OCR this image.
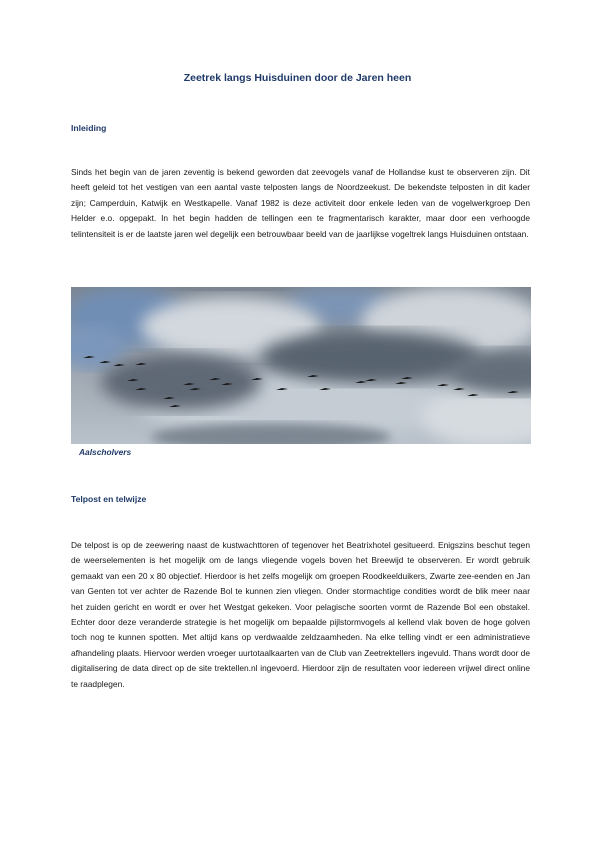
Zeetrek langs Huisduinen door de Jaren heen
Inleiding

Sinds het begin van de jaren zeventig is bekend geworden dat zeevogels vanaf de Hollandse kust te observeren zijn. Dit heeft geleid tot het vestigen van een aantal vaste telposten langs de Noordzeekust. De bekendste telposten in dit kader zijn; Camperduin, Katwijk en Westkapelle. Vanaf 1982 is deze activiteit door enkele leden van de vogelwerkgroep Den Helder e.o. opgepakt. In het begin hadden de tellingen een te fragmentarisch karakter, maar door een verhoogde telintensiteit is er de laatste jaren wel degelijk een betrouwbaar beeld van de jaarlijkse vogeltrek langs Huisduinen ontstaan.

Aalscholvers
Telpost en telwijze

De telpost is op de zeewering naast de kustwachttoren of tegenover het Beatrixhotel gesitueerd. Enigszins beschut tegen de weerselementen is het mogelijk om de langs vliegende vogels boven het Breewijd te observeren. Er wordt gebruik gemaakt van een 20 x 80 objectief. Hierdoor is het zelfs mogelijk om groepen Roodkeelduikers, Zwarte zee-eenden en Jan van Genten tot ver achter de Razende Bol te kunnen zien vliegen. Onder stormachtige condities wordt de blik meer naar het zuiden gericht en wordt er over het Westgat gekeken. Voor pelagische soorten vormt de Razende Bol een obstakel. Echter door deze veranderde strategie is het mogelijk om bepaalde pijlstormvogels al kellend vlak boven de hoge golven toch nog te kunnen spotten. Met altijd kans op verdwaalde zeldzaamheden. Na elke telling vindt er een administratieve afhandeling plaats. Hiervoor werden vroeger uurtotaalkaarten van de Club van Zeetrektellers ingevuld. Thans wordt door de digitalisering de data direct op de site trektellen.nl ingevoerd. Hierdoor zijn de resultaten voor iedereen vrijwel direct online te raadplegen.
